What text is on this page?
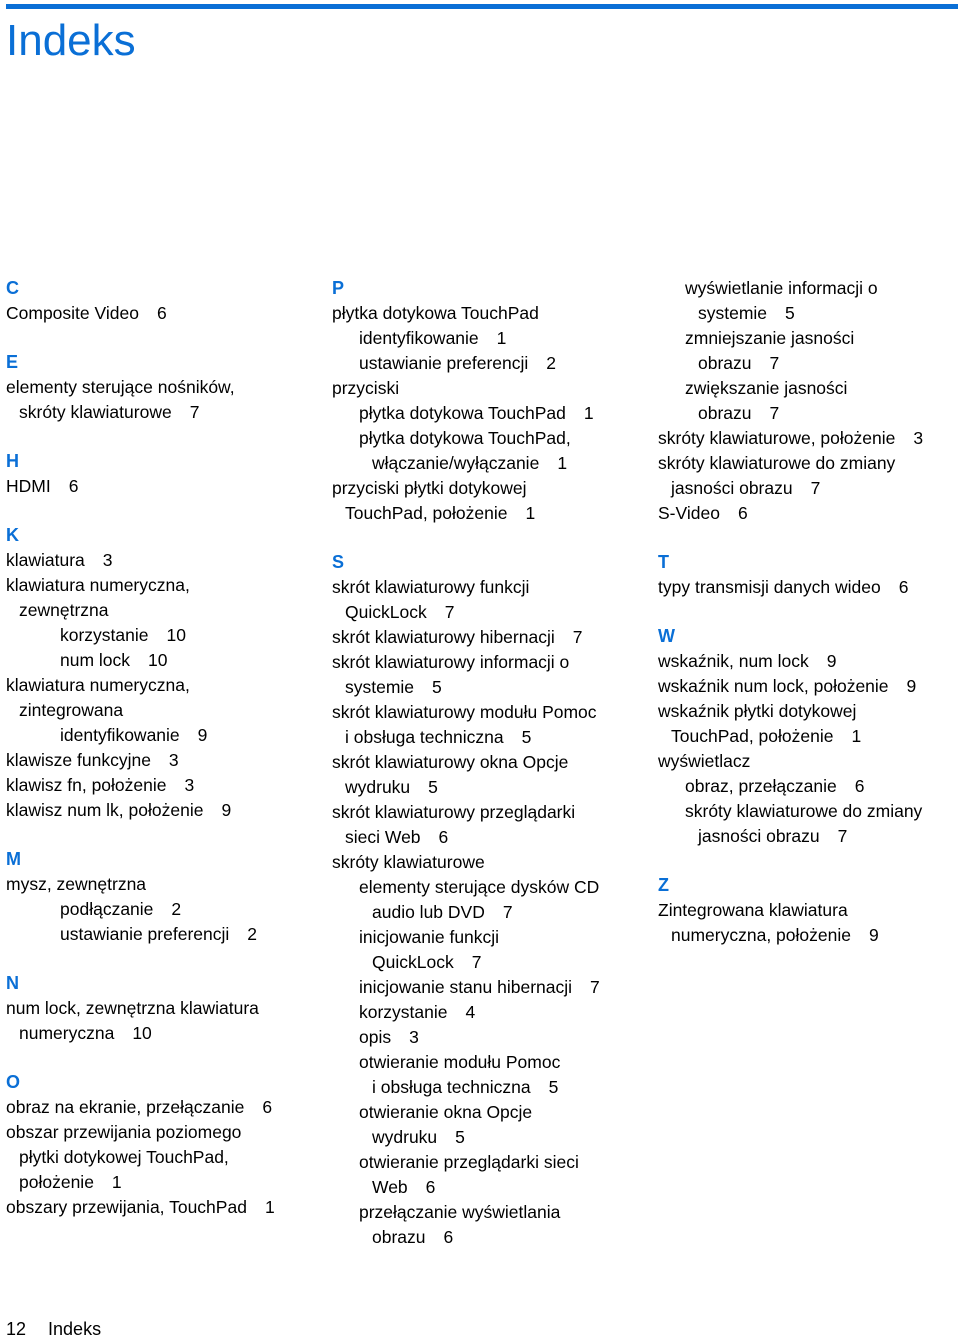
Indeks
C
Composite Video 6
E
elementy sterujące nośników,
skróty klawiaturowe 7
H
HDMI 6
K
klawiatura 3
klawiatura numeryczna,
zewnętrzna
korzystanie 10
num lock 10
klawiatura numeryczna,
zintegrowana
identyfikowanie 9
klawisze funkcyjne 3
klawisz fn, położenie 3
klawisz num lk, położenie 9
M
mysz, zewnętrzna
podłączanie 2
ustawianie preferencji 2
N
num lock, zewnętrzna klawiatura
numeryczna 10
O
obraz na ekranie, przełączanie 6
obszar przewijania poziomego
płytki dotykowej TouchPad,
położenie 1
obszary przewijania, TouchPad 1
P
płytka dotykowa TouchPad
identyfikowanie 1
ustawianie preferencji 2
przyciski
płytka dotykowa TouchPad 1
płytka dotykowa TouchPad,
włączanie/wyłączanie 1
przyciski płytki dotykowej
TouchPad, położenie 1
S
skrót klawiaturowy funkcji
QuickLock 7
skrót klawiaturowy hibernacji 7
skrót klawiaturowy informacji o
systemie 5
skrót klawiaturowy modułu Pomoc
i obsługa techniczna 5
skrót klawiaturowy okna Opcje
wydruku 5
skrót klawiaturowy przeglądarki
sieci Web 6
skróty klawiaturowe
elementy sterujące dysków CD
audio lub DVD 7
inicjowanie funkcji
QuickLock 7
inicjowanie stanu hibernacji 7
korzystanie 4
opis 3
otwieranie modułu Pomoc
i obsługa techniczna 5
otwieranie okna Opcje
wydruku 5
otwieranie przeglądarki sieci
Web 6
przełączanie wyświetlania
obrazu 6
wyświetlanie informacji o
systemie 5
zmniejszanie jasności
obrazu 7
zwiększanie jasności
obrazu 7
skróty klawiaturowe, położenie 3
skróty klawiaturowe do zmiany
jasności obrazu 7
S-Video 6
T
typy transmisji danych wideo 6
W
wskaźnik, num lock 9
wskaźnik num lock, położenie 9
wskaźnik płytki dotykowej
TouchPad, położenie 1
wyświetlacz
obraz, przełączanie 6
skróty klawiaturowe do zmiany
jasności obrazu 7
Z
Zintegrowana klawiatura
numeryczna, położenie 9
12 Indeks
